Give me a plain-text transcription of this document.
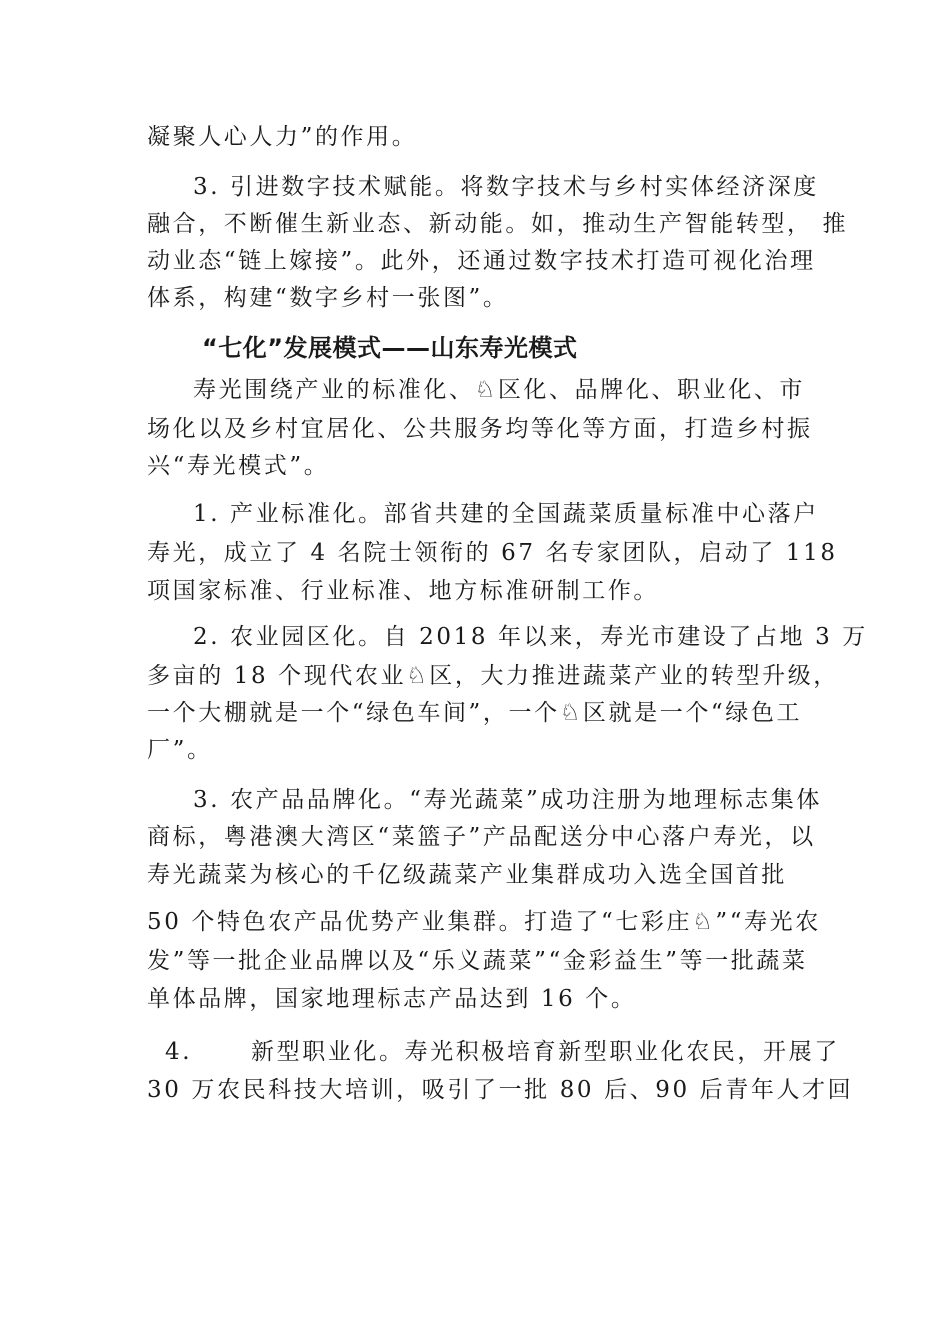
凝聚人心人力”的作用。
3. 引进数字技术赋能。将数字技术与乡村实体经济深度
融合，不断催生新业态、新动能。如，推动生产智能转型， 推
动业态“链上嫁接”。此外，还通过数字技术打造可视化治理
体系，构建“数字乡村一张图”。
“七化”发展模式——山东寿光模式
寿光围绕产业的标准化、♘区化、品牌化、职业化、市
场化以及乡村宜居化、公共服务均等化等方面，打造乡村振
兴“寿光模式”。
1. 产业标准化。部省共建的全国蔬菜质量标准中心落户
寿光，成立了 4 名院士领衔的 67 名专家团队，启动了 118
项国家标准、行业标准、地方标准研制工作。
2. 农业园区化。自 2018 年以来，寿光市建设了占地 3 万
多亩的 18 个现代农业♘区，大力推进蔬菜产业的转型升级，
一个大棚就是一个“绿色车间”，一个♘区就是一个“绿色工
厂”。
3. 农产品品牌化。“寿光蔬菜”成功注册为地理标志集体
商标，粤港澳大湾区“菜篮子”产品配送分中心落户寿光，以
寿光蔬菜为核心的千亿级蔬菜产业集群成功入选全国首批
50 个特色农产品优势产业集群。打造了“七彩庄♘”“寿光农
发”等一批企业品牌以及“乐义蔬菜”“金彩益生”等一批蔬菜
单体品牌，国家地理标志产品达到 16 个。
4.	新型职业化。寿光积极培育新型职业化农民，开展了
30 万农民科技大培训，吸引了一批 80 后、90 后青年人才回
